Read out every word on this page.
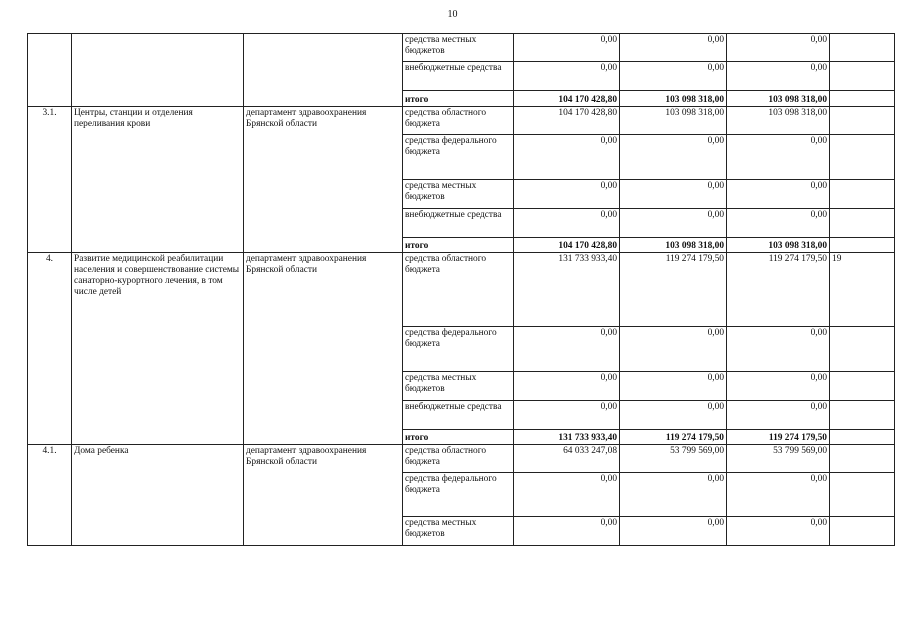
10
			средства местных бюджетов	0,00	0,00	0,00	
			внебюджетные средства	0,00	0,00	0,00	
			итого	104 170 428,80	103 098 318,00	103 098 318,00	
3.1.	Центры, станции и отделения переливания крови	департамент здравоохранения Брянской области	средства областного бюджета	104 170 428,80	103 098 318,00	103 098 318,00	
			средства федерального бюджета	0,00	0,00	0,00	
			средства местных бюджетов	0,00	0,00	0,00	
			внебюджетные средства	0,00	0,00	0,00	
			итого	104 170 428,80	103 098 318,00	103 098 318,00	
4.	Развитие медицинской реабилитации населения и совершенствование системы санаторно-курортного лечения, в том числе детей	департамент здравоохранения Брянской области	средства областного бюджета	131 733 933,40	119 274 179,50	119 274 179,50	19
			средства федерального бюджета	0,00	0,00	0,00	
			средства местных бюджетов	0,00	0,00	0,00	
			внебюджетные средства	0,00	0,00	0,00	
			итого	131 733 933,40	119 274 179,50	119 274 179,50	
4.1.	Дома ребенка	департамент здравоохранения Брянской области	средства областного бюджета	64 033 247,08	53 799 569,00	53 799 569,00	
			средства федерального бюджета	0,00	0,00	0,00	
			средства местных бюджетов	0,00	0,00	0,00	
